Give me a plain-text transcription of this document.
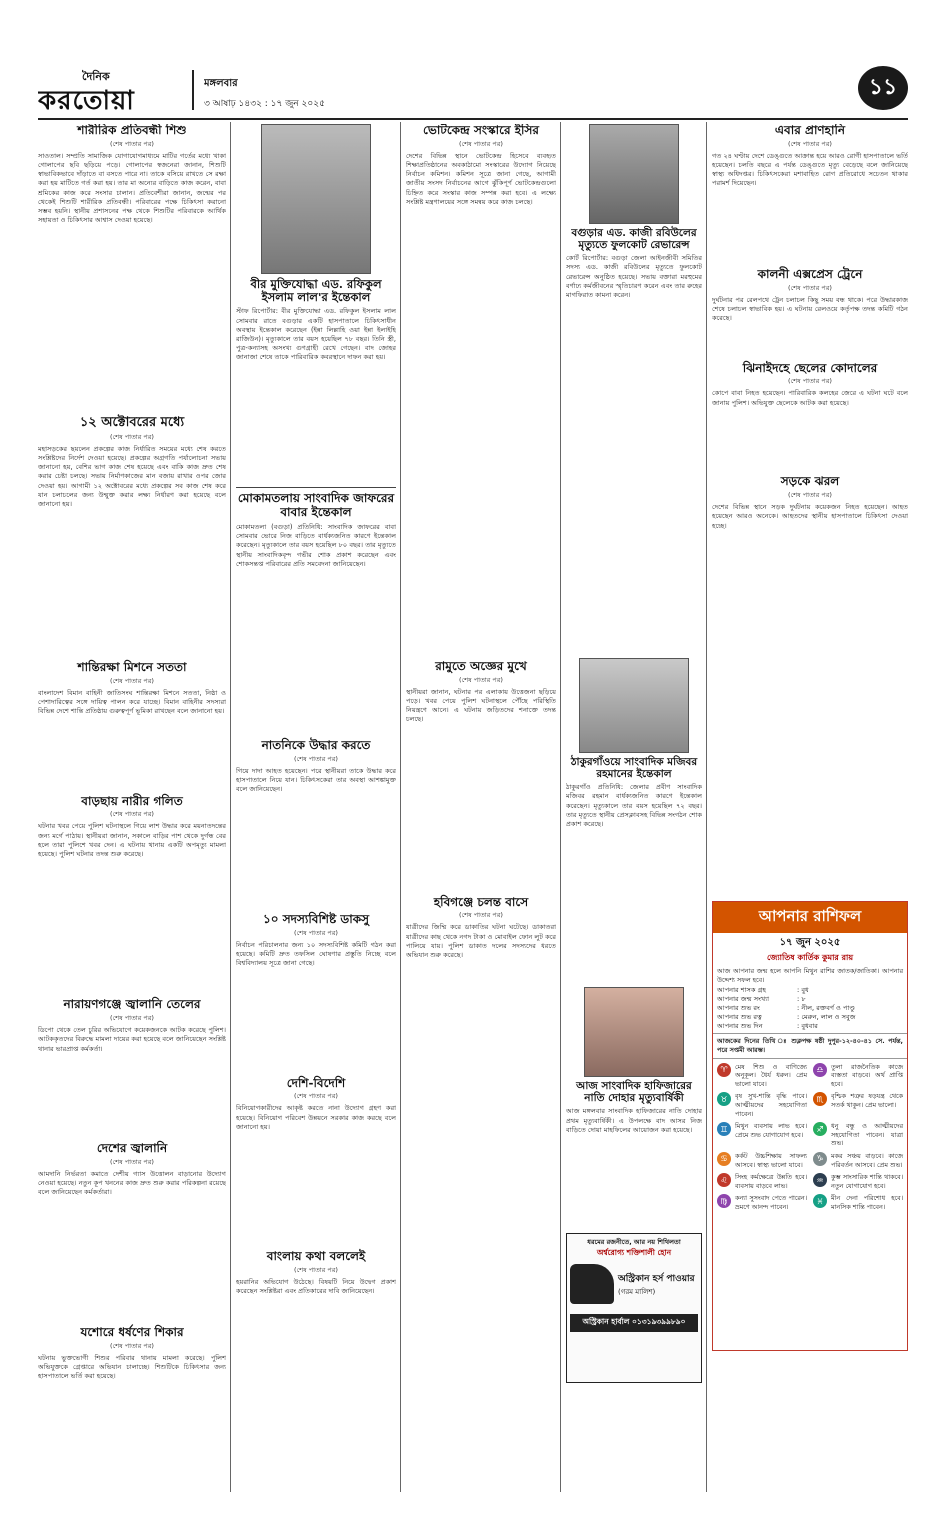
দৈনিক
করতোয়া
মঙ্গলবার
৩ আষাঢ় ১৪৩২ : ১৭ জুন ২০২৫
১১
শারীরিক প্রতিবন্ধী শিশু
(শেষ পাতার পর)
সাওতাল। সম্প্রতি সামাজিক যোগাযোগমাধ্যমে মাটির গর্তের মধ্যে খাকা গোলাপের ছবি ছড়িয়ে পড়ে। গোলাপের স্বজনেরা জানান, শিশুটি স্বাভাবিকভাবে দাঁড়াতে বা বসতে পারে না। তাকে বসিয়ে রাখতে সে রক্ষা করা হয় মাটিতে গর্ত করা হয়। তার মা অন্যের বাড়িতে কাজ করেন, বাবা শ্রমিকের কাজ করে সংসার চালান। প্রতিবেশীরা জানান, জন্মের পর থেকেই শিশুটি শারীরিক প্রতিবন্ধী। পরিবারের পক্ষে চিকিৎসা করানো সম্ভব হয়নি। স্থানীয় প্রশাসনের পক্ষ থেকে শিশুটির পরিবারকে আর্থিক সহায়তা ও চিকিৎসার আশ্বাস দেওয়া হয়েছে।
১২ অক্টোবরের মধ্যে
(শেষ পাতার পর)
মহাসড়কের ছয়লেন প্রকল্পের কাজ নির্ধারিত সময়ের মধ্যে শেষ করতে সংশ্লিষ্টদের নির্দেশ দেওয়া হয়েছে। প্রকল্পের অগ্রগতি পর্যালোচনা সভায় জানানো হয়, বেশির ভাগ কাজ শেষ হয়েছে এবং বাকি কাজ দ্রুত শেষ করার চেষ্টা চলছে। সভায় নির্মাণকাজের মান বজায় রাখার ওপর জোর দেওয়া হয়। আগামী ১২ অক্টোবরের মধ্যে প্রকল্পের সব কাজ শেষ করে যান চলাচলের জন্য উন্মুক্ত করার লক্ষ্য নির্ধারণ করা হয়েছে বলে জানানো হয়।
শান্তিরক্ষা মিশনে সততা
(শেষ পাতার পর)
বাংলাদেশ বিমান বাহিনী জাতিসংঘ শান্তিরক্ষা মিশনে সততা, নিষ্ঠা ও পেশাদারিত্বের সঙ্গে দায়িত্ব পালন করে যাচ্ছে। বিমান বাহিনীর সদস্যরা বিভিন্ন দেশে শান্তি প্রতিষ্ঠায় গুরুত্বপূর্ণ ভূমিকা রাখছেন বলে জানানো হয়।
বাড়ছায় নারীর গলিত
(শেষ পাতার পর)
ঘটনার খবর পেয়ে পুলিশ ঘটনাস্থলে গিয়ে লাশ উদ্ধার করে ময়নাতদন্তের জন্য মর্গে পাঠায়। স্থানীয়রা জানান, সকালে বাড়ির পাশ থেকে দুর্গন্ধ বের হলে তারা পুলিশে খবর দেন। এ ঘটনায় থানায় একটি অপমৃত্যু মামলা হয়েছে। পুলিশ ঘটনার তদন্ত শুরু করেছে।
নারায়ণগঞ্জে জ্বালানি তেলের
(শেষ পাতার পর)
ডিপো থেকে তেল চুরির অভিযোগে কয়েকজনকে আটক করেছে পুলিশ। আটককৃতদের বিরুদ্ধে মামলা দায়ের করা হয়েছে বলে জানিয়েছেন সংশ্লিষ্ট থানার ভারপ্রাপ্ত কর্মকর্তা।
দেশের জ্বালানি
(শেষ পাতার পর)
আমদানি নির্ভরতা কমাতে দেশীয় গ্যাস উত্তোলন বাড়ানোর উদ্যোগ নেওয়া হয়েছে। নতুন কূপ খননের কাজ দ্রুত শুরু করার পরিকল্পনা রয়েছে বলে জানিয়েছেন কর্মকর্তারা।
যশোরে ধর্ষণের শিকার
(শেষ পাতার পর)
ঘটনায় ভুক্তভোগী শিশুর পরিবার থানায় মামলা করেছে। পুলিশ অভিযুক্তকে গ্রেপ্তারে অভিযান চালাচ্ছে। শিশুটিকে চিকিৎসার জন্য হাসপাতালে ভর্তি করা হয়েছে।
বীর মুক্তিযোদ্ধা এড. রফিকুল ইসলাম লাল'র ইন্তেকাল
স্টাফ রিপোর্টার: বীর মুক্তিযোদ্ধা এড. রফিকুল ইসলাম লাল সোমবার রাতে বগুড়ার একটি হাসপাতালে চিকিৎসাধীন অবস্থায় ইন্তেকাল করেছেন (ইন্না লিল্লাহি ওয়া ইন্না ইলাইহি রাজিউন)। মৃত্যুকালে তার বয়স হয়েছিল ৭৮ বছর। তিনি স্ত্রী, পুত্র-কন্যাসহ অসংখ্য গুণগ্রাহী রেখে গেছেন। বাদ জোহর জানাজা শেষে তাকে পারিবারিক কবরস্থানে দাফন করা হয়।
মোকামতলায় সাংবাদিক জাফরের বাবার ইন্তেকাল
মোকামতলা (বগুড়া) প্রতিনিধি: সাংবাদিক জাফরের বাবা সোমবার ভোরে নিজ বাড়িতে বার্ধক্যজনিত কারণে ইন্তেকাল করেছেন। মৃত্যুকালে তার বয়স হয়েছিল ৮০ বছর। তার মৃত্যুতে স্থানীয় সাংবাদিকবৃন্দ গভীর শোক প্রকাশ করেছেন এবং শোকসন্তপ্ত পরিবারের প্রতি সমবেদনা জানিয়েছেন।
নাতনিকে উদ্ধার করতে
(শেষ পাতার পর)
গিয়ে দাদা আহত হয়েছেন। পরে স্থানীয়রা তাকে উদ্ধার করে হাসপাতালে নিয়ে যান। চিকিৎসকেরা তার অবস্থা আশঙ্কামুক্ত বলে জানিয়েছেন।
১০ সদস্যবিশিষ্ট ডাকসু
(শেষ পাতার পর)
নির্বাচন পরিচালনার জন্য ১০ সদস্যবিশিষ্ট কমিটি গঠন করা হয়েছে। কমিটি দ্রুত তফসিল ঘোষণার প্রস্তুতি নিচ্ছে বলে বিশ্ববিদ্যালয় সূত্রে জানা গেছে।
দেশি-বিদেশি
(শেষ পাতার পর)
বিনিয়োগকারীদের আকৃষ্ট করতে নানা উদ্যোগ গ্রহণ করা হয়েছে। বিনিয়োগ পরিবেশ উন্নয়নে সরকার কাজ করছে বলে জানানো হয়।
বাংলায় কথা বললেই
(শেষ পাতার পর)
হয়রানির অভিযোগ উঠেছে। বিষয়টি নিয়ে উদ্বেগ প্রকাশ করেছেন সংশ্লিষ্টরা এবং প্রতিকারের দাবি জানিয়েছেন।
ভোটকেন্দ্র সংস্কারে ইসির
(শেষ পাতার পর)
দেশের বিভিন্ন স্থানে ভোটকেন্দ্র হিসেবে ব্যবহৃত শিক্ষাপ্রতিষ্ঠানের অবকাঠামো সংস্কারের উদ্যোগ নিয়েছে নির্বাচন কমিশন। কমিশন সূত্রে জানা গেছে, আগামী জাতীয় সংসদ নির্বাচনের আগে ঝুঁকিপূর্ণ ভোটকেন্দ্রগুলো চিহ্নিত করে সংস্কার কাজ সম্পন্ন করা হবে। এ লক্ষ্যে সংশ্লিষ্ট মন্ত্রণালয়ের সঙ্গে সমন্বয় করে কাজ চলছে।
রামুতে অজ্ঞের মুখে
(শেষ পাতার পর)
স্থানীয়রা জানান, ঘটনার পর এলাকায় উত্তেজনা ছড়িয়ে পড়ে। খবর পেয়ে পুলিশ ঘটনাস্থলে পৌঁছে পরিস্থিতি নিয়ন্ত্রণে আনে। এ ঘটনায় জড়িতদের শনাক্তে তদন্ত চলছে।
হবিগঞ্জে চলন্ত বাসে
(শেষ পাতার পর)
যাত্রীদের জিম্মি করে ডাকাতির ঘটনা ঘটেছে। ডাকাতরা যাত্রীদের কাছ থেকে নগদ টাকা ও মোবাইল ফোন লুট করে পালিয়ে যায়। পুলিশ ডাকাত দলের সদস্যদের ধরতে অভিযান শুরু করেছে।
বগুড়ার এড. কাজী রবিউলের মৃত্যুতে ফুলকোট রেভারেন্স
কোর্ট রিপোর্টার: বগুড়া জেলা আইনজীবী সমিতির সদস্য এড. কাজী রবিউলের মৃত্যুতে ফুলকোট রেভারেন্স অনুষ্ঠিত হয়েছে। সভায় বক্তারা মরহুমের বর্ণাঢ্য কর্মজীবনের স্মৃতিচারণ করেন এবং তার রুহের মাগফিরাত কামনা করেন।
ঠাকুরগাঁওয়ে সাংবাদিক মজিবর রহমানের ইন্তেকাল
ঠাকুরগাঁও প্রতিনিধি: জেলার প্রবীণ সাংবাদিক মজিবর রহমান বার্ধক্যজনিত কারণে ইন্তেকাল করেছেন। মৃত্যুকালে তার বয়স হয়েছিল ৭২ বছর। তার মৃত্যুতে স্থানীয় প্রেসক্লাবসহ বিভিন্ন সংগঠন শোক প্রকাশ করেছে।
আজ সাংবাদিক হাফিজারের নাতি দোহার মৃত্যুবার্ষিকী
আজ মঙ্গলবার সাংবাদিক হাফিজারের নাতি দোহার প্রথম মৃত্যুবার্ষিকী। এ উপলক্ষে বাদ আসর নিজ বাড়িতে দোয়া মাহফিলের আয়োজন করা হয়েছে।
ধরমের রজনীতে, আর নয় শিথিলতা
অর্শ্বরোগ্য শক্তিশালী হোন
অস্ট্রিকান হর্স পাওয়ার
(গরম মালিশ)
অস্ট্রিকান হার্বাল ০১৩১৯৩৯৯৮৯০
এবার প্রাণহানি
(শেষ পাতার পর)
গত ২৪ ঘণ্টায় দেশে ডেঙ্গুতে আক্রান্ত হয়ে আরও রোগী হাসপাতালে ভর্তি হয়েছেন। চলতি বছরে এ পর্যন্ত ডেঙ্গুতে মৃত্যু বেড়েছে বলে জানিয়েছে স্বাস্থ্য অধিদপ্তর। চিকিৎসকেরা মশাবাহিত রোগ প্রতিরোধে সচেতন থাকার পরামর্শ দিয়েছেন।
কালনী এক্সপ্রেস ট্রেনে
(শেষ পাতার পর)
দুর্ঘটনার পর রেলপথে ট্রেন চলাচল কিছু সময় বন্ধ থাকে। পরে উদ্ধারকাজ শেষে চলাচল স্বাভাবিক হয়। এ ঘটনায় রেলওয়ে কর্তৃপক্ষ তদন্ত কমিটি গঠন করেছে।
ঝিনাইদহে ছেলের কোদালের
(শেষ পাতার পর)
কোপে বাবা নিহত হয়েছেন। পারিবারিক কলহের জেরে এ ঘটনা ঘটে বলে জানায় পুলিশ। অভিযুক্ত ছেলেকে আটক করা হয়েছে।
সড়কে ঝরল
(শেষ পাতার পর)
দেশের বিভিন্ন স্থানে সড়ক দুর্ঘটনায় কয়েকজন নিহত হয়েছেন। আহত হয়েছেন আরও অনেকে। আহতদের স্থানীয় হাসপাতালে চিকিৎসা দেওয়া হচ্ছে।
আপনার রাশিফল
১৭ জুন ২০২৫
জ্যোতিষ কার্তিক কুমার রায়
আজ আপনার জন্ম হলে আপনি মিথুন রাশির জাতক/জাতিকা। আপনার উদ্দেশ্য সফল হবে।
আপনার শাসক গ্রহ	: বুধ
আপনার জন্ম সংখ্যা	: ৮
আপনার শুভ রং	: নীল, রক্তবর্ণ ও পাণ্ডু
আপনার শুভ রত্ন	: মেরুন, লাল ও সবুজ
আপনার শুভ দিন	: বুধবার
আজকের দিনের তিথি ঃ শুক্লপক্ষ ষষ্ঠী দুপুর-১২-৪০-৪১ সে. পর্যন্ত, পরে সপ্তমী আরম্ভ।
♈	মেষ শিশু ও বাণিজ্যে অনুকূল। ধৈর্য ধরুন। প্রেম ভালো যাবে।
♎	তুলা রাজনৈতিক কাজে ব্যস্ততা বাড়বে। অর্থ প্রাপ্তি হবে।
♉	বৃষ সুখ-শান্তি বৃদ্ধি পাবে। আত্মীয়দের সহযোগিতা পাবেন।
♏	বৃশ্চিক শত্রুর ষড়যন্ত্র থেকে সতর্ক থাকুন। প্রেম ভালো।
♊	মিথুন ব্যবসায় লাভ হবে। প্রেমে শুভ যোগাযোগ হবে।
♐	ধনু বন্ধু ও আত্মীয়দের সহযোগিতা পাবেন। যাত্রা শুভ।
♋	কর্কট উচ্চশিক্ষায় সাফল্য আসবে। স্বাস্থ্য ভালো যাবে।
♑	মকর সঞ্চয় বাড়বে। কাজে পরিবর্তন আসবে। প্রেম শুভ।
♌	সিংহ কর্মক্ষেত্রে উন্নতি হবে। ব্যবসায় বাড়বে লাভ।
♒	কুম্ভ সাংসারিক শান্তি থাকবে। নতুন যোগাযোগ হবে।
♍	কন্যা সুসংবাদ পেতে পারেন। ভ্রমণে আনন্দ পাবেন।
♓	মীন দেনা পরিশোধ হবে। মানসিক শান্তি পাবেন।
